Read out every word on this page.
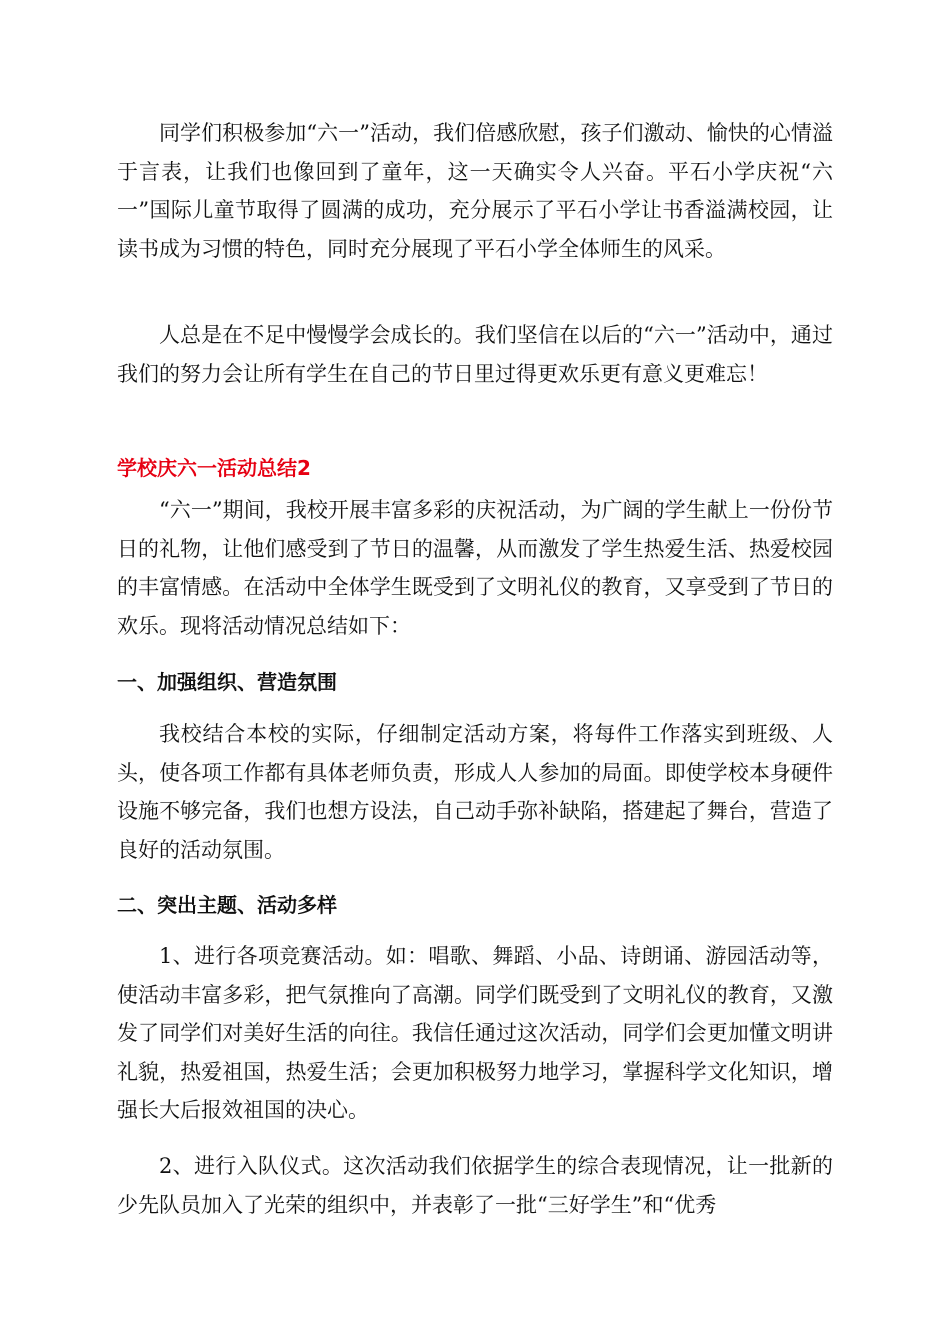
同学们积极参加“六一”活动，我们倍感欣慰，孩子们激动、愉快的心情溢于言表，让我们也像回到了童年，这一天确实令人兴奋。平石小学庆祝“六一”国际儿童节取得了圆满的成功，充分展示了平石小学让书香溢满校园，让读书成为习惯的特色，同时充分展现了平石小学全体师生的风采。

人总是在不足中慢慢学会成长的。我们坚信在以后的“六一”活动中，通过我们的努力会让所有学生在自己的节日里过得更欢乐更有意义更难忘！

学校庆六一活动总结2

“六一”期间，我校开展丰富多彩的庆祝活动，为广阔的学生献上一份份节日的礼物，让他们感受到了节日的温馨，从而激发了学生热爱生活、热爱校园的丰富情感。在活动中全体学生既受到了文明礼仪的教育，又享受到了节日的欢乐。现将活动情况总结如下：

一、加强组织、营造氛围

我校结合本校的实际，仔细制定活动方案，将每件工作落实到班级、人头，使各项工作都有具体老师负责，形成人人参加的局面。即使学校本身硬件设施不够完备，我们也想方设法，自己动手弥补缺陷，搭建起了舞台，营造了良好的活动氛围。

二、突出主题、活动多样

1、进行各项竞赛活动。如：唱歌、舞蹈、小品、诗朗诵、游园活动等，使活动丰富多彩，把气氛推向了高潮。同学们既受到了文明礼仪的教育，又激发了同学们对美好生活的向往。我信任通过这次活动，同学们会更加懂文明讲礼貌，热爱祖国，热爱生活；会更加积极努力地学习，掌握科学文化知识，增强长大后报效祖国的决心。

2、进行入队仪式。这次活动我们依据学生的综合表现情况，让一批新的少先队员加入了光荣的组织中，并表彰了一批“三好学生”和“优秀
